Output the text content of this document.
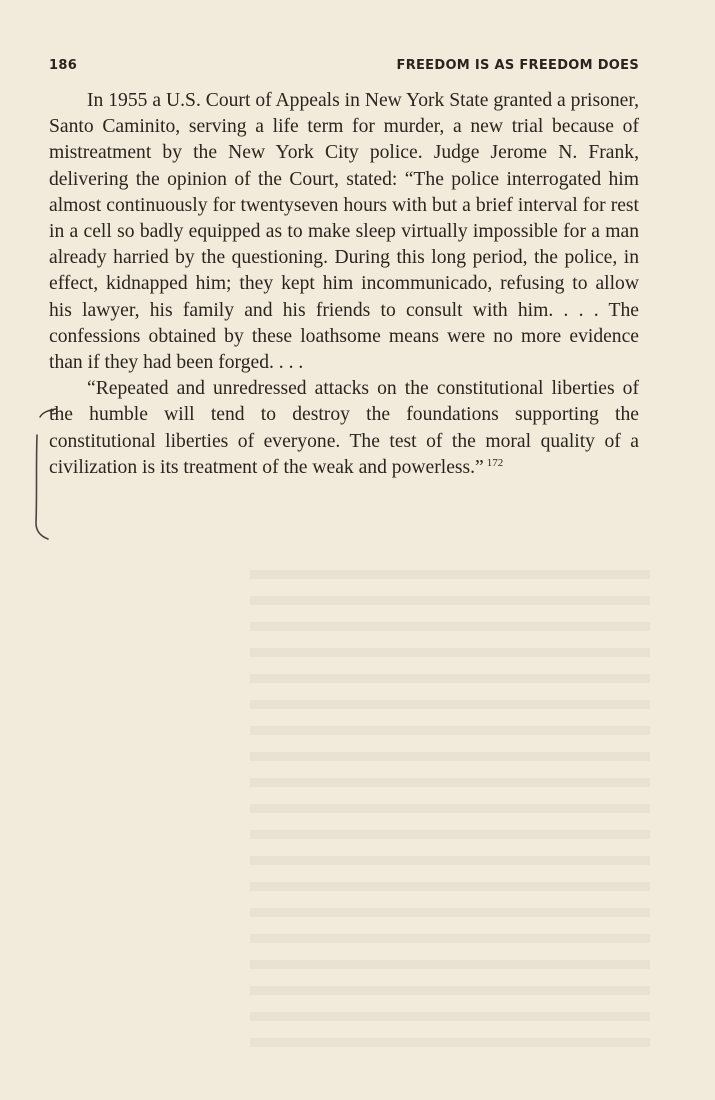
186	FREEDOM IS AS FREEDOM DOES

In 1955 a U.S. Court of Appeals in New York State granted a prisoner, Santo Caminito, serving a life term for murder, a new trial because of mistreatment by the New York City police. Judge Jerome N. Frank, delivering the opinion of the Court, stated: “The police interrogated him almost continuously for twentyseven hours with but a brief interval for rest in a cell so badly equipped as to make sleep virtually impossible for a man already harried by the questioning. During this long period, the police, in effect, kidnapped him; they kept him incommunicado, refusing to allow his lawyer, his family and his friends to consult with him. . . . The confessions obtained by these loathsome means were no more evidence than if they had been forged. . . .

“Repeated and unredressed attacks on the constitutional liberties of the humble will tend to destroy the foundations supporting the constitutional liberties of everyone. The test of the moral quality of a civilization is its treatment of the weak and powerless.” $^{172}$
